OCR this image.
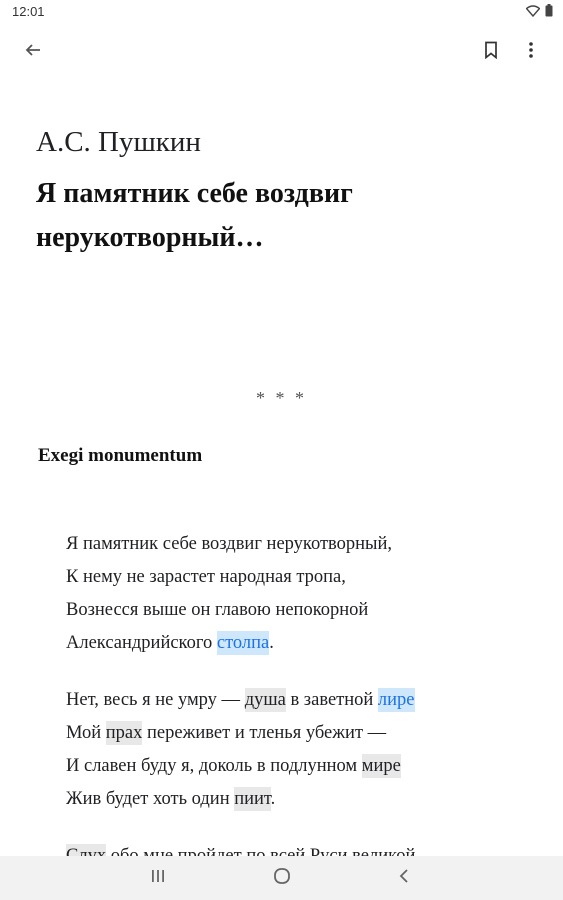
12:01
А.С. Пушкин
Я памятник себе воздвиг нерукотворный…
* * *
Exegi monumentum
Я памятник себе воздвиг нерукотворный,
К нему не зарастет народная тропа,
Вознесся выше он главою непокорной
Александрийского столпа.
Нет, весь я не умру — душа в заветной лире
Мой прах переживет и тленья убежит —
И славен буду я, доколь в подлунном мире
Жив будет хоть один пиит.
